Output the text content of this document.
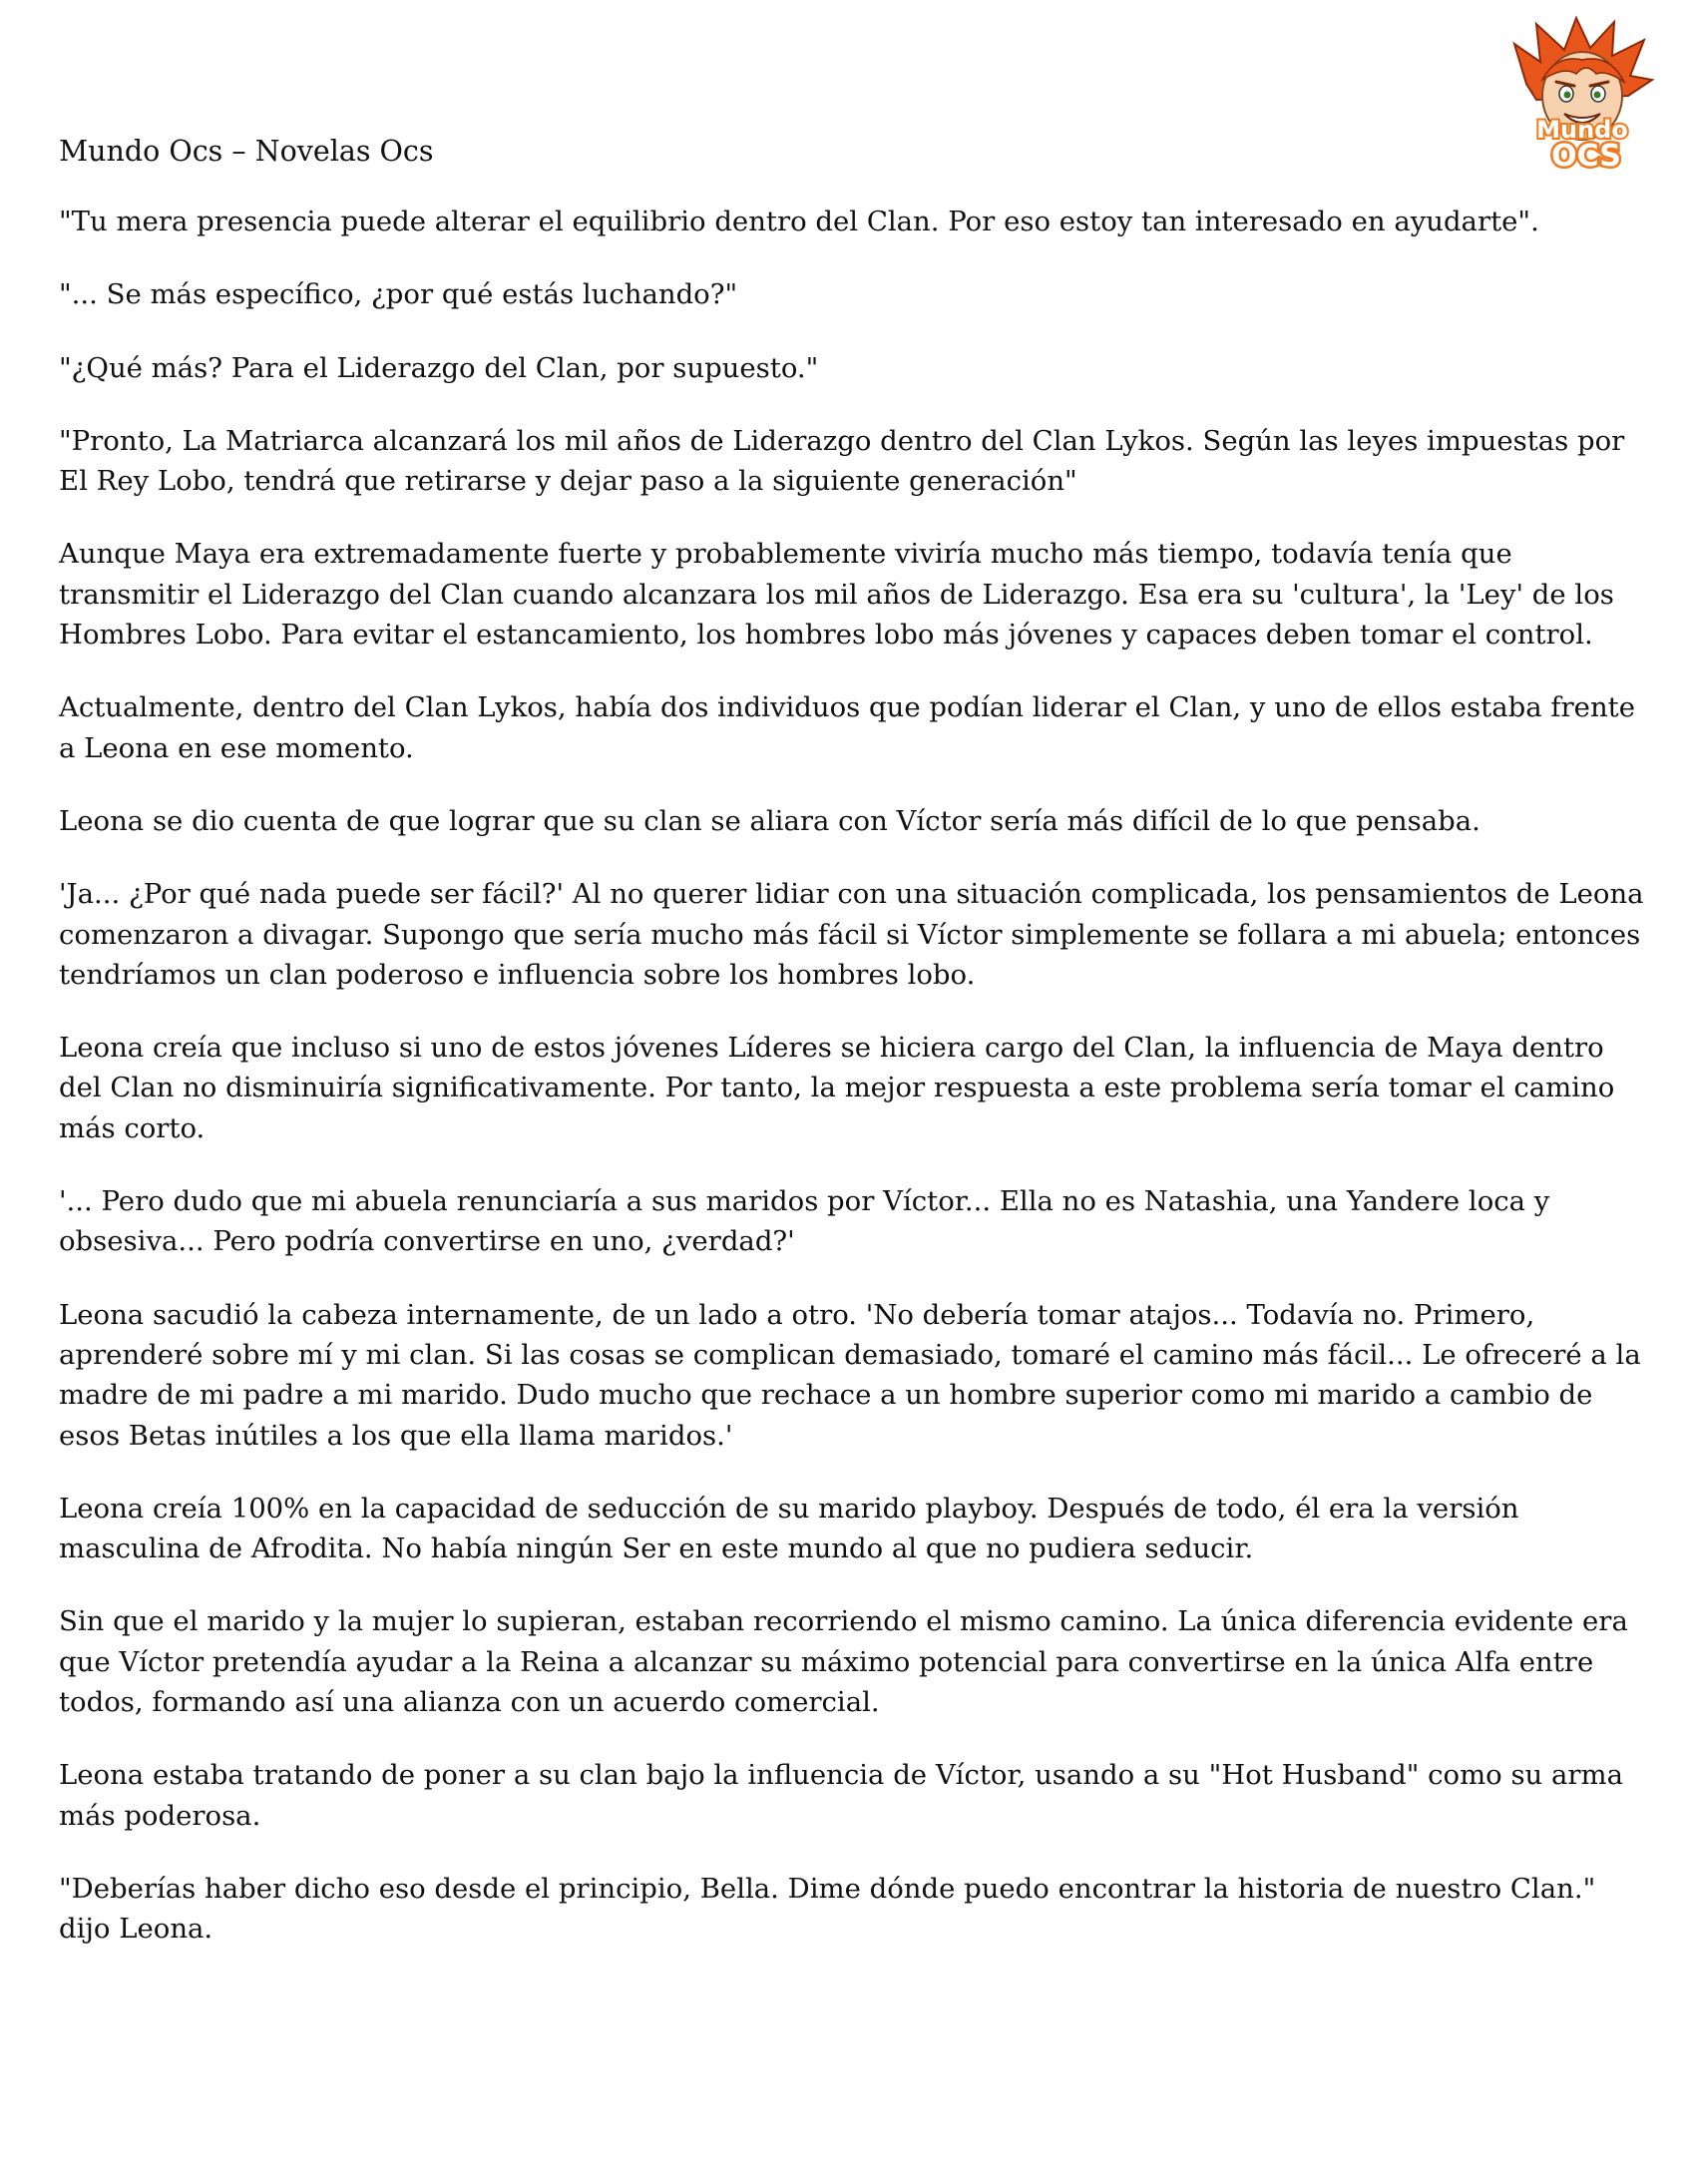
Mundo
OCS
Mundo Ocs – Novelas Ocs

"Tu mera presencia puede alterar el equilibrio dentro del Clan. Por eso estoy tan interesado en ayudarte".

"... Se más específico, ¿por qué estás luchando?"

"¿Qué más? Para el Liderazgo del Clan, por supuesto."

"Pronto, La Matriarca alcanzará los mil años de Liderazgo dentro del Clan Lykos. Según las leyes impuestas por El Rey Lobo, tendrá que retirarse y dejar paso a la siguiente generación"

Aunque Maya era extremadamente fuerte y probablemente viviría mucho más tiempo, todavía tenía que transmitir el Liderazgo del Clan cuando alcanzara los mil años de Liderazgo. Esa era su 'cultura', la 'Ley' de los Hombres Lobo. Para evitar el estancamiento, los hombres lobo más jóvenes y capaces deben tomar el control.

Actualmente, dentro del Clan Lykos, había dos individuos que podían liderar el Clan, y uno de ellos estaba frente a Leona en ese momento.

Leona se dio cuenta de que lograr que su clan se aliara con Víctor sería más difícil de lo que pensaba.

'Ja... ¿Por qué nada puede ser fácil?' Al no querer lidiar con una situación complicada, los pensamientos de Leona comenzaron a divagar. Supongo que sería mucho más fácil si Víctor simplemente se follara a mi abuela; entonces tendríamos un clan poderoso e influencia sobre los hombres lobo.

Leona creía que incluso si uno de estos jóvenes Líderes se hiciera cargo del Clan, la influencia de Maya dentro del Clan no disminuiría significativamente. Por tanto, la mejor respuesta a este problema sería tomar el camino más corto.

'... Pero dudo que mi abuela renunciaría a sus maridos por Víctor... Ella no es Natashia, una Yandere loca y obsesiva... Pero podría convertirse en uno, ¿verdad?'

Leona sacudió la cabeza internamente, de un lado a otro. 'No debería tomar atajos... Todavía no. Primero, aprenderé sobre mí y mi clan. Si las cosas se complican demasiado, tomaré el camino más fácil... Le ofreceré a la madre de mi padre a mi marido. Dudo mucho que rechace a un hombre superior como mi marido a cambio de esos Betas inútiles a los que ella llama maridos.'

Leona creía 100% en la capacidad de seducción de su marido playboy. Después de todo, él era la versión masculina de Afrodita. No había ningún Ser en este mundo al que no pudiera seducir.

Sin que el marido y la mujer lo supieran, estaban recorriendo el mismo camino. La única diferencia evidente era que Víctor pretendía ayudar a la Reina a alcanzar su máximo potencial para convertirse en la única Alfa entre todos, formando así una alianza con un acuerdo comercial.

Leona estaba tratando de poner a su clan bajo la influencia de Víctor, usando a su "Hot Husband" como su arma más poderosa.

"Deberías haber dicho eso desde el principio, Bella. Dime dónde puedo encontrar la historia de nuestro Clan." dijo Leona.
